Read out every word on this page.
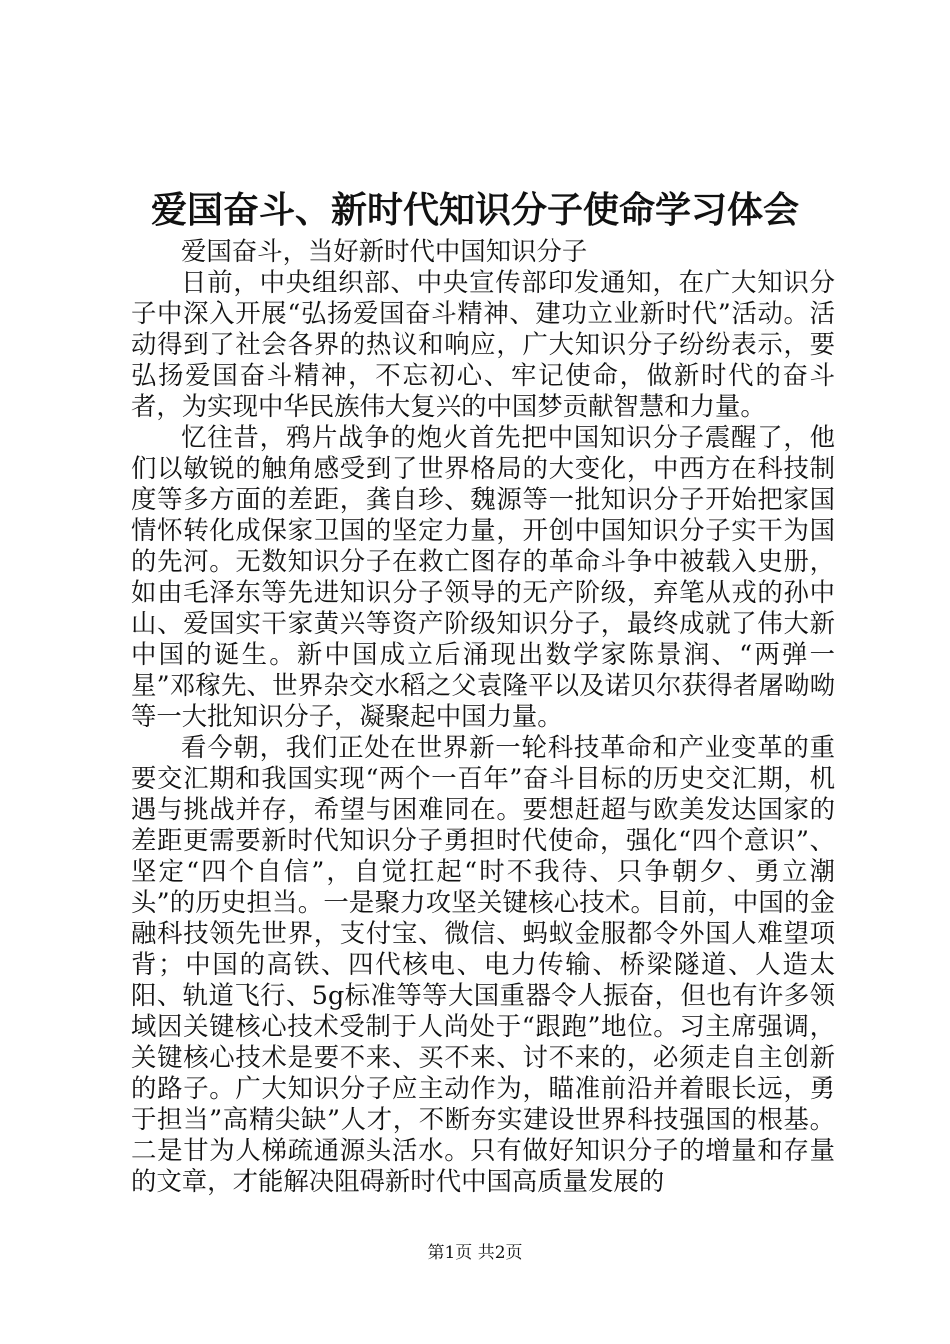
爱国奋斗、新时代知识分子使命学习体会

爱国奋斗，当好新时代中国知识分子

日前，中央组织部、中央宣传部印发通知，在广大知识分子中深入开展“弘扬爱国奋斗精神、建功立业新时代”活动。活动得到了社会各界的热议和响应，广大知识分子纷纷表示，要弘扬爱国奋斗精神，不忘初心、牢记使命，做新时代的奋斗者，为实现中华民族伟大复兴的中国梦贡献智慧和力量。

忆往昔，鸦片战争的炮火首先把中国知识分子震醒了，他们以敏锐的触角感受到了世界格局的大变化，中西方在科技制度等多方面的差距，龚自珍、魏源等一批知识分子开始把家国情怀转化成保家卫国的坚定力量，开创中国知识分子实干为国的先河。无数知识分子在救亡图存的革命斗争中被载入史册，如由毛泽东等先进知识分子领导的无产阶级，弃笔从戎的孙中山、爱国实干家黄兴等资产阶级知识分子，最终成就了伟大新中国的诞生。新中国成立后涌现出数学家陈景润、“两弹一星”邓稼先、世界杂交水稻之父袁隆平以及诺贝尔获得者屠呦呦等一大批知识分子，凝聚起中国力量。

看今朝，我们正处在世界新一轮科技革命和产业变革的重要交汇期和我国实现“两个一百年”奋斗目标的历史交汇期，机遇与挑战并存，希望与困难同在。要想赶超与欧美发达国家的差距更需要新时代知识分子勇担时代使命，强化“四个意识”、坚定“四个自信”，自觉扛起“时不我待、只争朝夕、勇立潮头”的历史担当。一是聚力攻坚关键核心技术。目前，中国的金融科技领先世界，支付宝、微信、蚂蚁金服都令外国人难望项背；中国的高铁、四代核电、电力传输、桥梁隧道、人造太阳、轨道飞行、5g标准等等大国重器令人振奋，但也有许多领域因关键核心技术受制于人尚处于“跟跑”地位。习主席强调，关键核心技术是要不来、买不来、讨不来的，必须走自主创新的路子。广大知识分子应主动作为，瞄准前沿并着眼长远，勇于担当”高精尖缺”人才，不断夯实建设世界科技强国的根基。二是甘为人梯疏通源头活水。只有做好知识分子的增量和存量的文章，才能解决阻碍新时代中国高质量发展的

第1页 共2页
